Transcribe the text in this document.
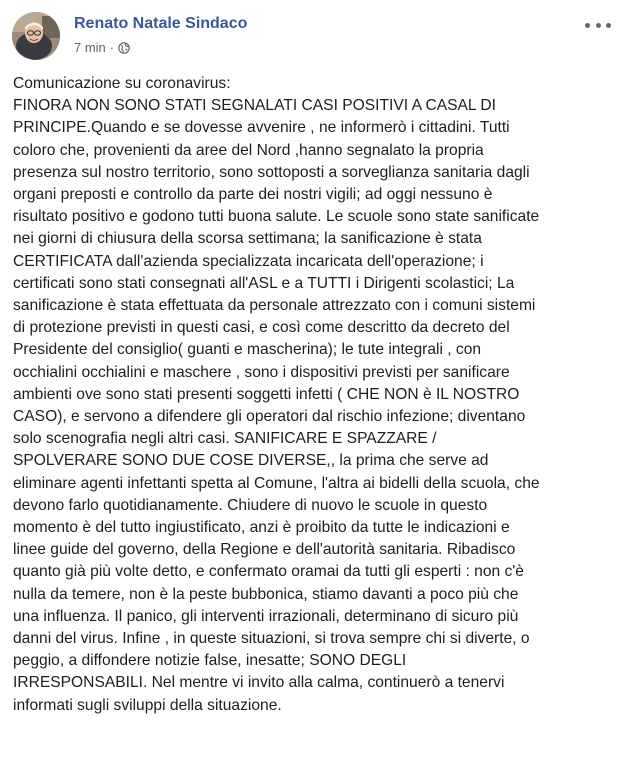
Renato Natale Sindaco
7 min ·

Comunicazione su coronavirus:

FINORA NON SONO STATI SEGNALATI CASI POSITIVI A CASAL DI

PRINCIPE.Quando e se dovesse avvenire , ne informerò i cittadini. Tutti

coloro che, provenienti da aree del Nord ,hanno segnalato la propria

presenza sul nostro territorio, sono sottoposti a sorveglianza sanitaria dagli

organi preposti e controllo da parte dei nostri vigili; ad oggi nessuno è

risultato positivo e godono tutti buona salute. Le scuole sono state sanificate

nei giorni di chiusura della scorsa settimana; la sanificazione è stata

CERTIFICATA dall'azienda specializzata incaricata dell'operazione; i

certificati sono stati consegnati all'ASL e a TUTTI i Dirigenti scolastici; La

sanificazione è stata effettuata da personale attrezzato con i comuni sistemi

di protezione previsti in questi casi, e così come descritto da decreto del

Presidente del consiglio( guanti e mascherina); le tute integrali , con

occhialini occhialini e maschere , sono i dispositivi previsti per sanificare

ambienti ove sono stati presenti soggetti infetti ( CHE NON è IL NOSTRO

CASO), e servono a difendere gli operatori dal rischio infezione; diventano

solo scenografia negli altri casi. SANIFICARE E SPAZZARE /

SPOLVERARE SONO DUE COSE DIVERSE,, la prima che serve ad

eliminare agenti infettanti spetta al Comune, l'altra ai bidelli della scuola, che

devono farlo quotidianamente. Chiudere di nuovo le scuole in questo

momento è del tutto ingiustificato, anzi è proibito da tutte le indicazioni e

linee guide del governo, della Regione e dell'autorità sanitaria. Ribadisco

quanto già più volte detto, e confermato oramai da tutti gli esperti : non c'è

nulla da temere, non è la peste bubbonica, stiamo davanti a poco più che

una influenza. Il panico, gli interventi irrazionali, determinano di sicuro più

danni del virus. Infine , in queste situazioni, si trova sempre chi si diverte, o

peggio, a diffondere notizie false, inesatte; SONO DEGLI

IRRESPONSABILI. Nel mentre vi invito alla calma, continuerò a tenervi

informati sugli sviluppi della situazione.
